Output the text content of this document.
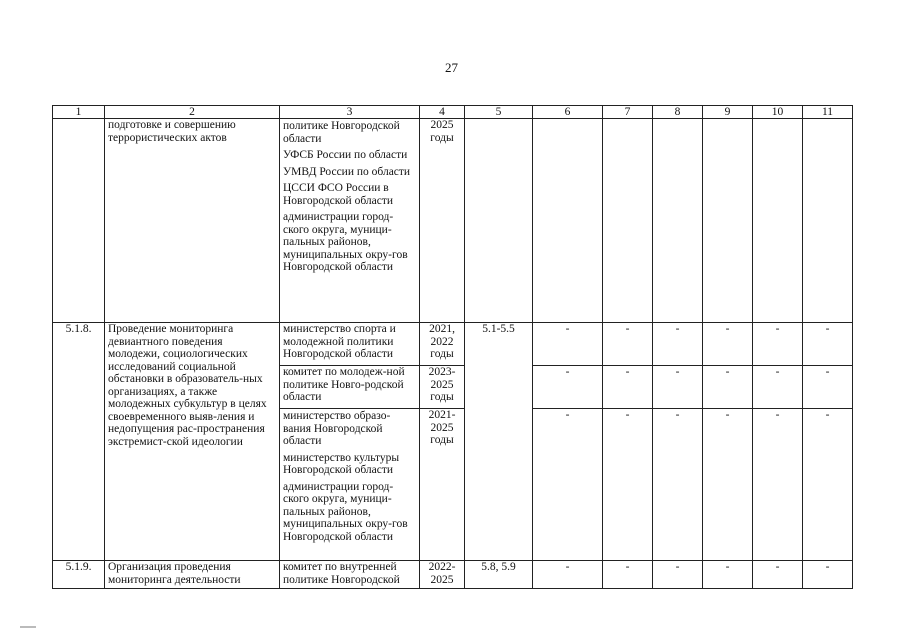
27
1	2	3	4	5	6	7	8	9	10	11
	подготовке и совершению террористических актов	политике Новгородской области
УФСБ России по области
УМВД России по области
ЦССИ ФСО России в Новгородской области
администрации город-ского округа, муници-пальных районов, муниципальных окру-гов Новгородской области	2025 годы							
5.1.8.	Проведение мониторинга девиантного поведения молодежи, социологических исследований социальной обстановки в образователь-ных организациях, а также молодежных субкультур в целях своевременного выяв-ления и недопущения рас-пространения экстремист-ской идеологии	министерство спорта и молодежной политики Новгородской области	2021, 2022 годы	5.1-5.5	-	-	-	-	-	-
		комитет по молодеж-ной политике Новго-родской области	2023-2025 годы		-	-	-	-	-	-

		министерство образо-вания Новгородской области
министерство культуры Новгородской области
администрации город-ского округа, муници-пальных районов, муниципальных окру-гов Новгородской области	2021-2025 годы		-	-	-	-	-	-
5.1.9.	Организация проведения мониторинга деятельности	комитет по внутренней политике Новгородской	2022-2025	5.8, 5.9	-	-	-	-	-	-
